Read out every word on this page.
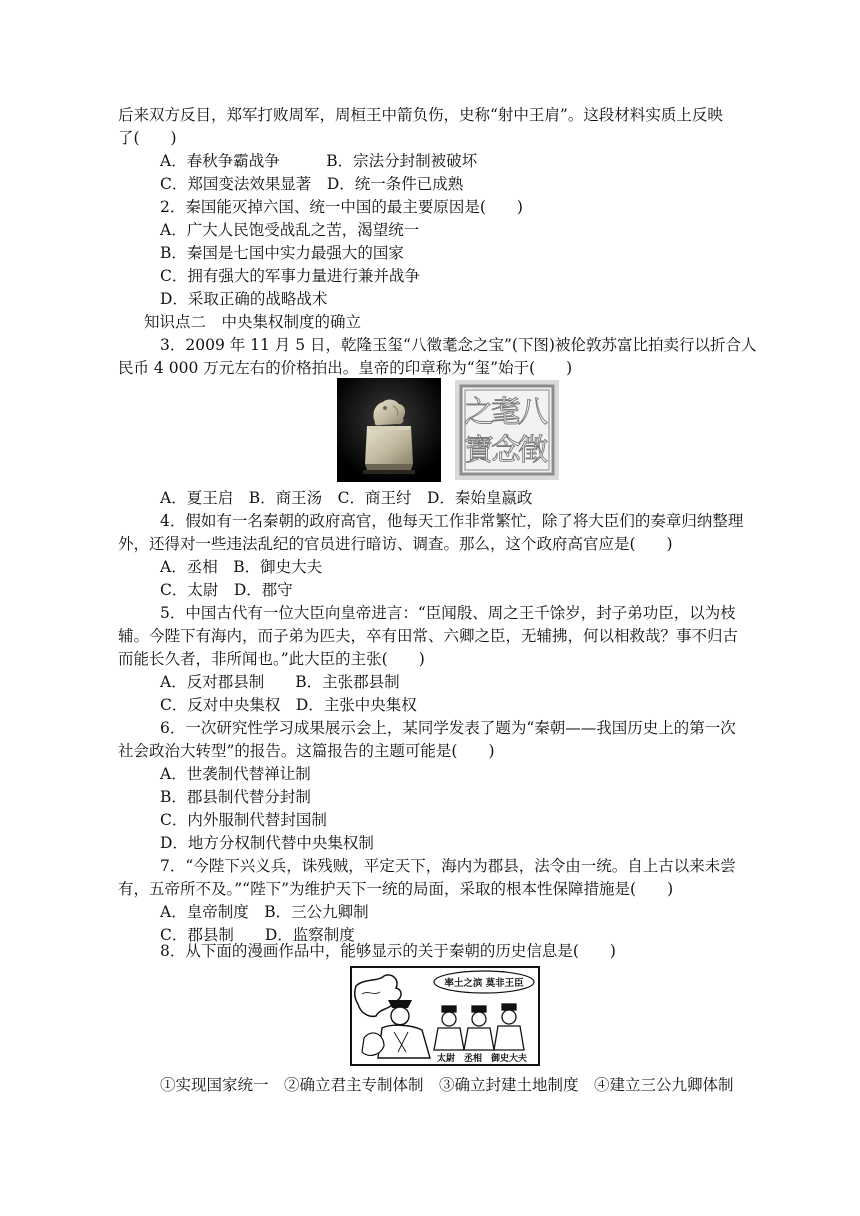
后来双方反目，郑军打败周军，周桓王中箭负伤，史称“射中王肩”。这段材料实质上反映
了(　　)
A．春秋争霸战争　　　B．宗法分封制被破坏
C．郑国变法效果显著　D．统一条件已成熟
2．秦国能灭掉六国、统一中国的最主要原因是(　　)
A．广大人民饱受战乱之苦，渴望统一
B．秦国是七国中实力最强大的国家
C．拥有强大的军事力量进行兼并战争
D．采取正确的战略战术
知识点二　中央集权制度的确立
3．2009 年 11 月 5 日，乾隆玉玺“八徵耄念之宝”(下图)被伦敦苏富比拍卖行以折合人
民币 4 000 万元左右的价格拍出。皇帝的印章称为“玺”始于(　　)
八
徵
耄
念
之
寶
A．夏王启　B．商王汤　C．商王纣　D．秦始皇嬴政
4．假如有一名秦朝的政府高官，他每天工作非常繁忙，除了将大臣们的奏章归纳整理
外，还得对一些违法乱纪的官员进行暗访、调查。那么，这个政府高官应是(　　)
A．丞相　B．御史大夫
C．太尉　D．郡守
5．中国古代有一位大臣向皇帝进言：“臣闻殷、周之王千馀岁，封子弟功臣，以为枝
辅。今陛下有海内，而子弟为匹夫，卒有田常、六卿之臣，无辅拂，何以相救哉？事不归古
而能长久者，非所闻也。”此大臣的主张(　　)
A．反对郡县制　　B．主张郡县制
C．反对中央集权　D．主张中央集权
6．一次研究性学习成果展示会上，某同学发表了题为“秦朝——我国历史上的第一次
社会政治大转型”的报告。这篇报告的主题可能是(　　)
A．世袭制代替禅让制
B．郡县制代替分封制
C．内外服制代替封国制
D．地方分权制代替中央集权制
7．“今陛下兴义兵，诛残贼，平定天下，海内为郡县，法令由一统。自上古以来未尝
有，五帝所不及。”“陛下”为维护天下一统的局面，采取的根本性保障措施是(　　)
A．皇帝制度　B．三公九卿制
C．郡县制　　D．监察制度
8．从下面的漫画作品中，能够显示的关于秦朝的历史信息是(　　)
率土之滨 莫非王臣
太尉　丞相　御史大夫
①实现国家统一　②确立君主专制体制　③确立封建土地制度　④建立三公九卿体制
